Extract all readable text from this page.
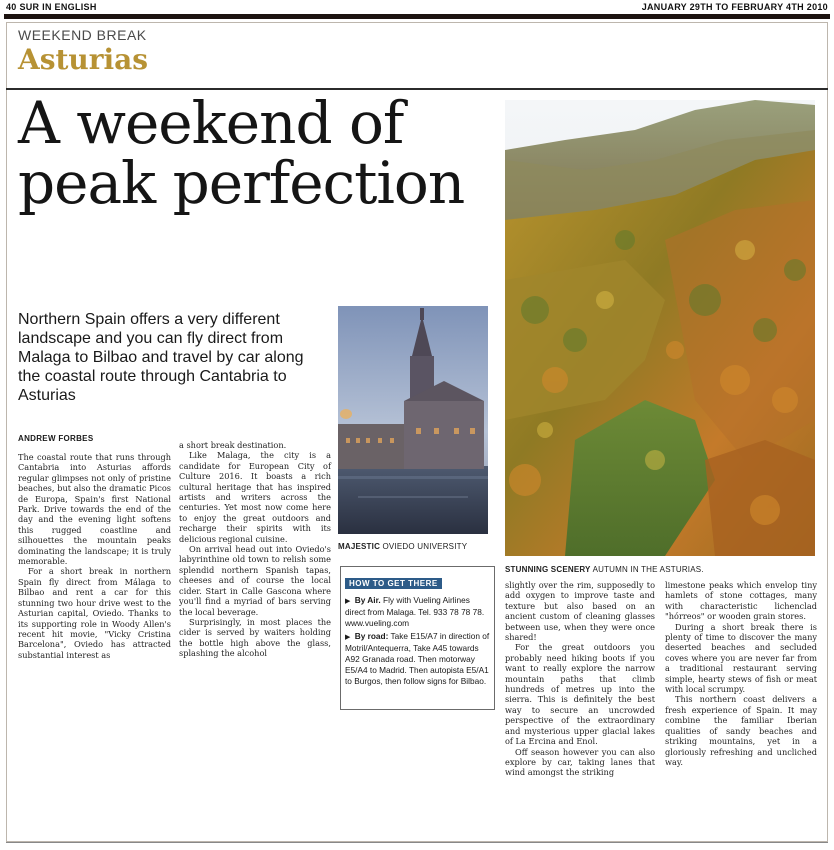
40 SUR IN ENGLISH	JANUARY 29TH TO FEBRUARY 4TH 2010
WEEKEND BREAK
Asturias
A weekend of
peak perfection
Northern Spain offers a very different landscape and you can fly direct from Malaga to Bilbao and travel by car along the coastal route through Cantabria to Asturias
ANDREW FORBES

The coastal route that runs through Cantabria into Asturias affords regular glimpses not only of pristine beaches, but also the dramatic Picos de Europa, Spain's first National Park. Drive towards the end of the day and the evening light softens this rugged coastline and silhouettes the mountain peaks dominating the landscape; it is truly memorable.

For a short break in northern Spain fly direct from Málaga to Bilbao and rent a car for this stunning two hour drive west to the Asturian capital, Oviedo. Thanks to its supporting role in Woody Allen's recent hit movie, "Vicky Cristina Barcelona", Oviedo has attracted substantial interest as

a short break destination.

Like Malaga, the city is a candidate for European City of Culture 2016. It boasts a rich cultural heritage that has inspired artists and writers across the centuries. Yet most now come here to enjoy the great outdoors and recharge their spirits with its delicious regional cuisine.

On arrival head out into Oviedo's labyrinthine old town to relish some splendid northern Spanish tapas, cheeses and of course the local cider. Start in Calle Gascona where you'll find a myriad of bars serving the local beverage.

Surprisingly, in most places the cider is served by waiters holding the bottle high above the glass, splashing the alcohol

MAJESTIC OVIEDO UNIVERSITY
HOW TO GET THERE
▶ By Air. Fly with Vueling Airlines direct from Malaga. Tel. 933 78 78 78. www.vueling.com
▶ By road: Take E15/A7 in direction of Motril/Antequerra, Take A45 towards A92 Granada road. Then motorway E5/A4 to Madrid. Then autopista E5/A1 to Burgos, then follow signs for Bilbao.
STUNNING SCENERY AUTUMN IN THE ASTURIAS.

slightly over the rim, supposedly to add oxygen to improve taste and texture but also based on an ancient custom of cleaning glasses between use, when they were once shared!

For the great outdoors you probably need hiking boots if you want to really explore the narrow mountain paths that climb hundreds of metres up into the sierra. This is definitely the best way to secure an uncrowded perspective of the extraordinary and mysterious upper glacial lakes of La Ercina and Enol.

Off season however you can also explore by car, taking lanes that wind amongst the striking

limestone peaks which envelop tiny hamlets of stone cottages, many with characteristic lichenclad "hórreos" or wooden grain stores.

During a short break there is plenty of time to discover the many deserted beaches and secluded coves where you are never far from a traditional restaurant serving simple, hearty stews of fish or meat with local scrumpy.

This northern coast delivers a fresh experience of Spain. It may combine the familiar Iberian qualities of sandy beaches and striking mountains, yet in a gloriously refreshing and uncliched way.
